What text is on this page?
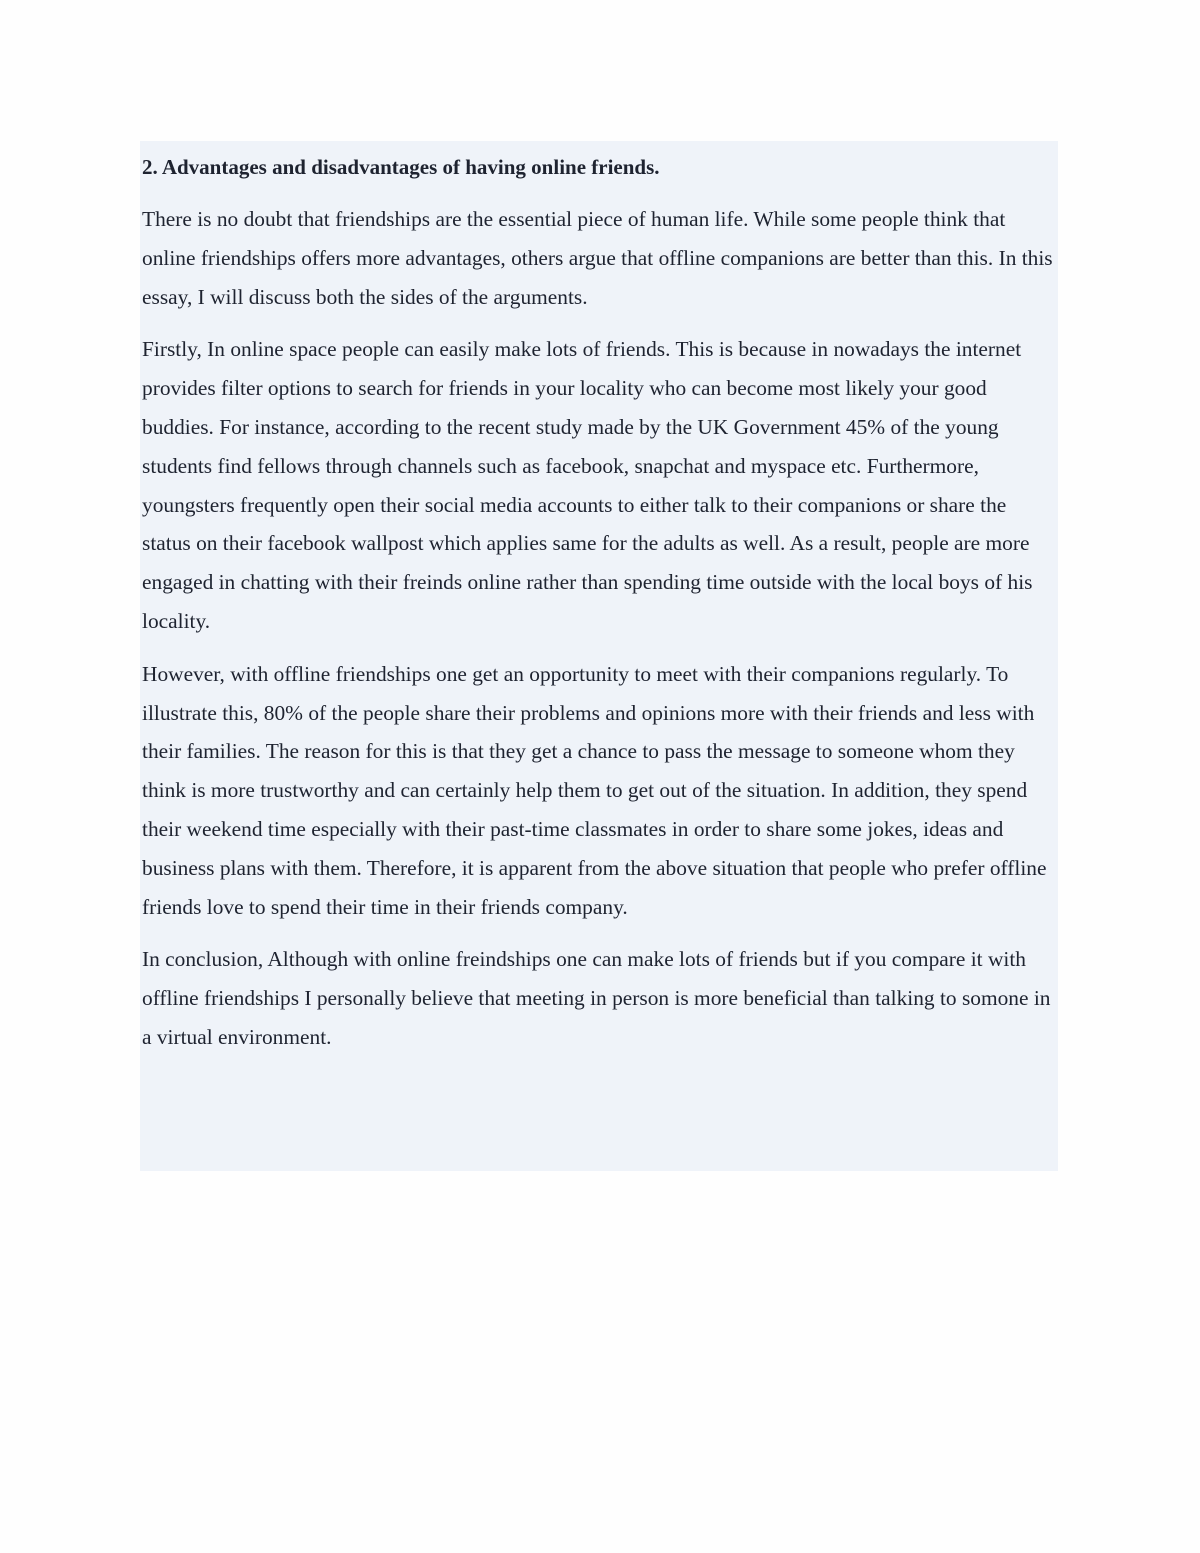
2. Advantages and disadvantages of having online friends.

There is no doubt that friendships are the essential piece of human life. While some people think that online friendships offers more advantages, others argue that offline companions are better than this. In this essay, I will discuss both the sides of the arguments.

Firstly, In online space people can easily make lots of friends. This is because in nowadays the internet provides filter options to search for friends in your locality who can become most likely your good buddies. For instance, according to the recent study made by the UK Government 45% of the young students find fellows through channels such as facebook, snapchat and myspace etc. Furthermore, youngsters frequently open their social media accounts to either talk to their companions or share the status on their facebook wallpost which applies same for the adults as well. As a result, people are more engaged in chatting with their freinds online rather than spending time outside with the local boys of his locality.

However, with offline friendships one get an opportunity to meet with their companions regularly. To illustrate this, 80% of the people share their problems and opinions more with their friends and less with their families. The reason for this is that they get a chance to pass the message to someone whom they think is more trustworthy and can certainly help them to get out of the situation. In addition, they spend their weekend time especially with their past-time classmates in order to share some jokes, ideas and business plans with them. Therefore, it is apparent from the above situation that people who prefer offline friends love to spend their time in their friends company.

In conclusion, Although with online freindships one can make lots of friends but if you compare it with offline friendships I personally believe that meeting in person is more beneficial than talking to somone in a virtual environment.
